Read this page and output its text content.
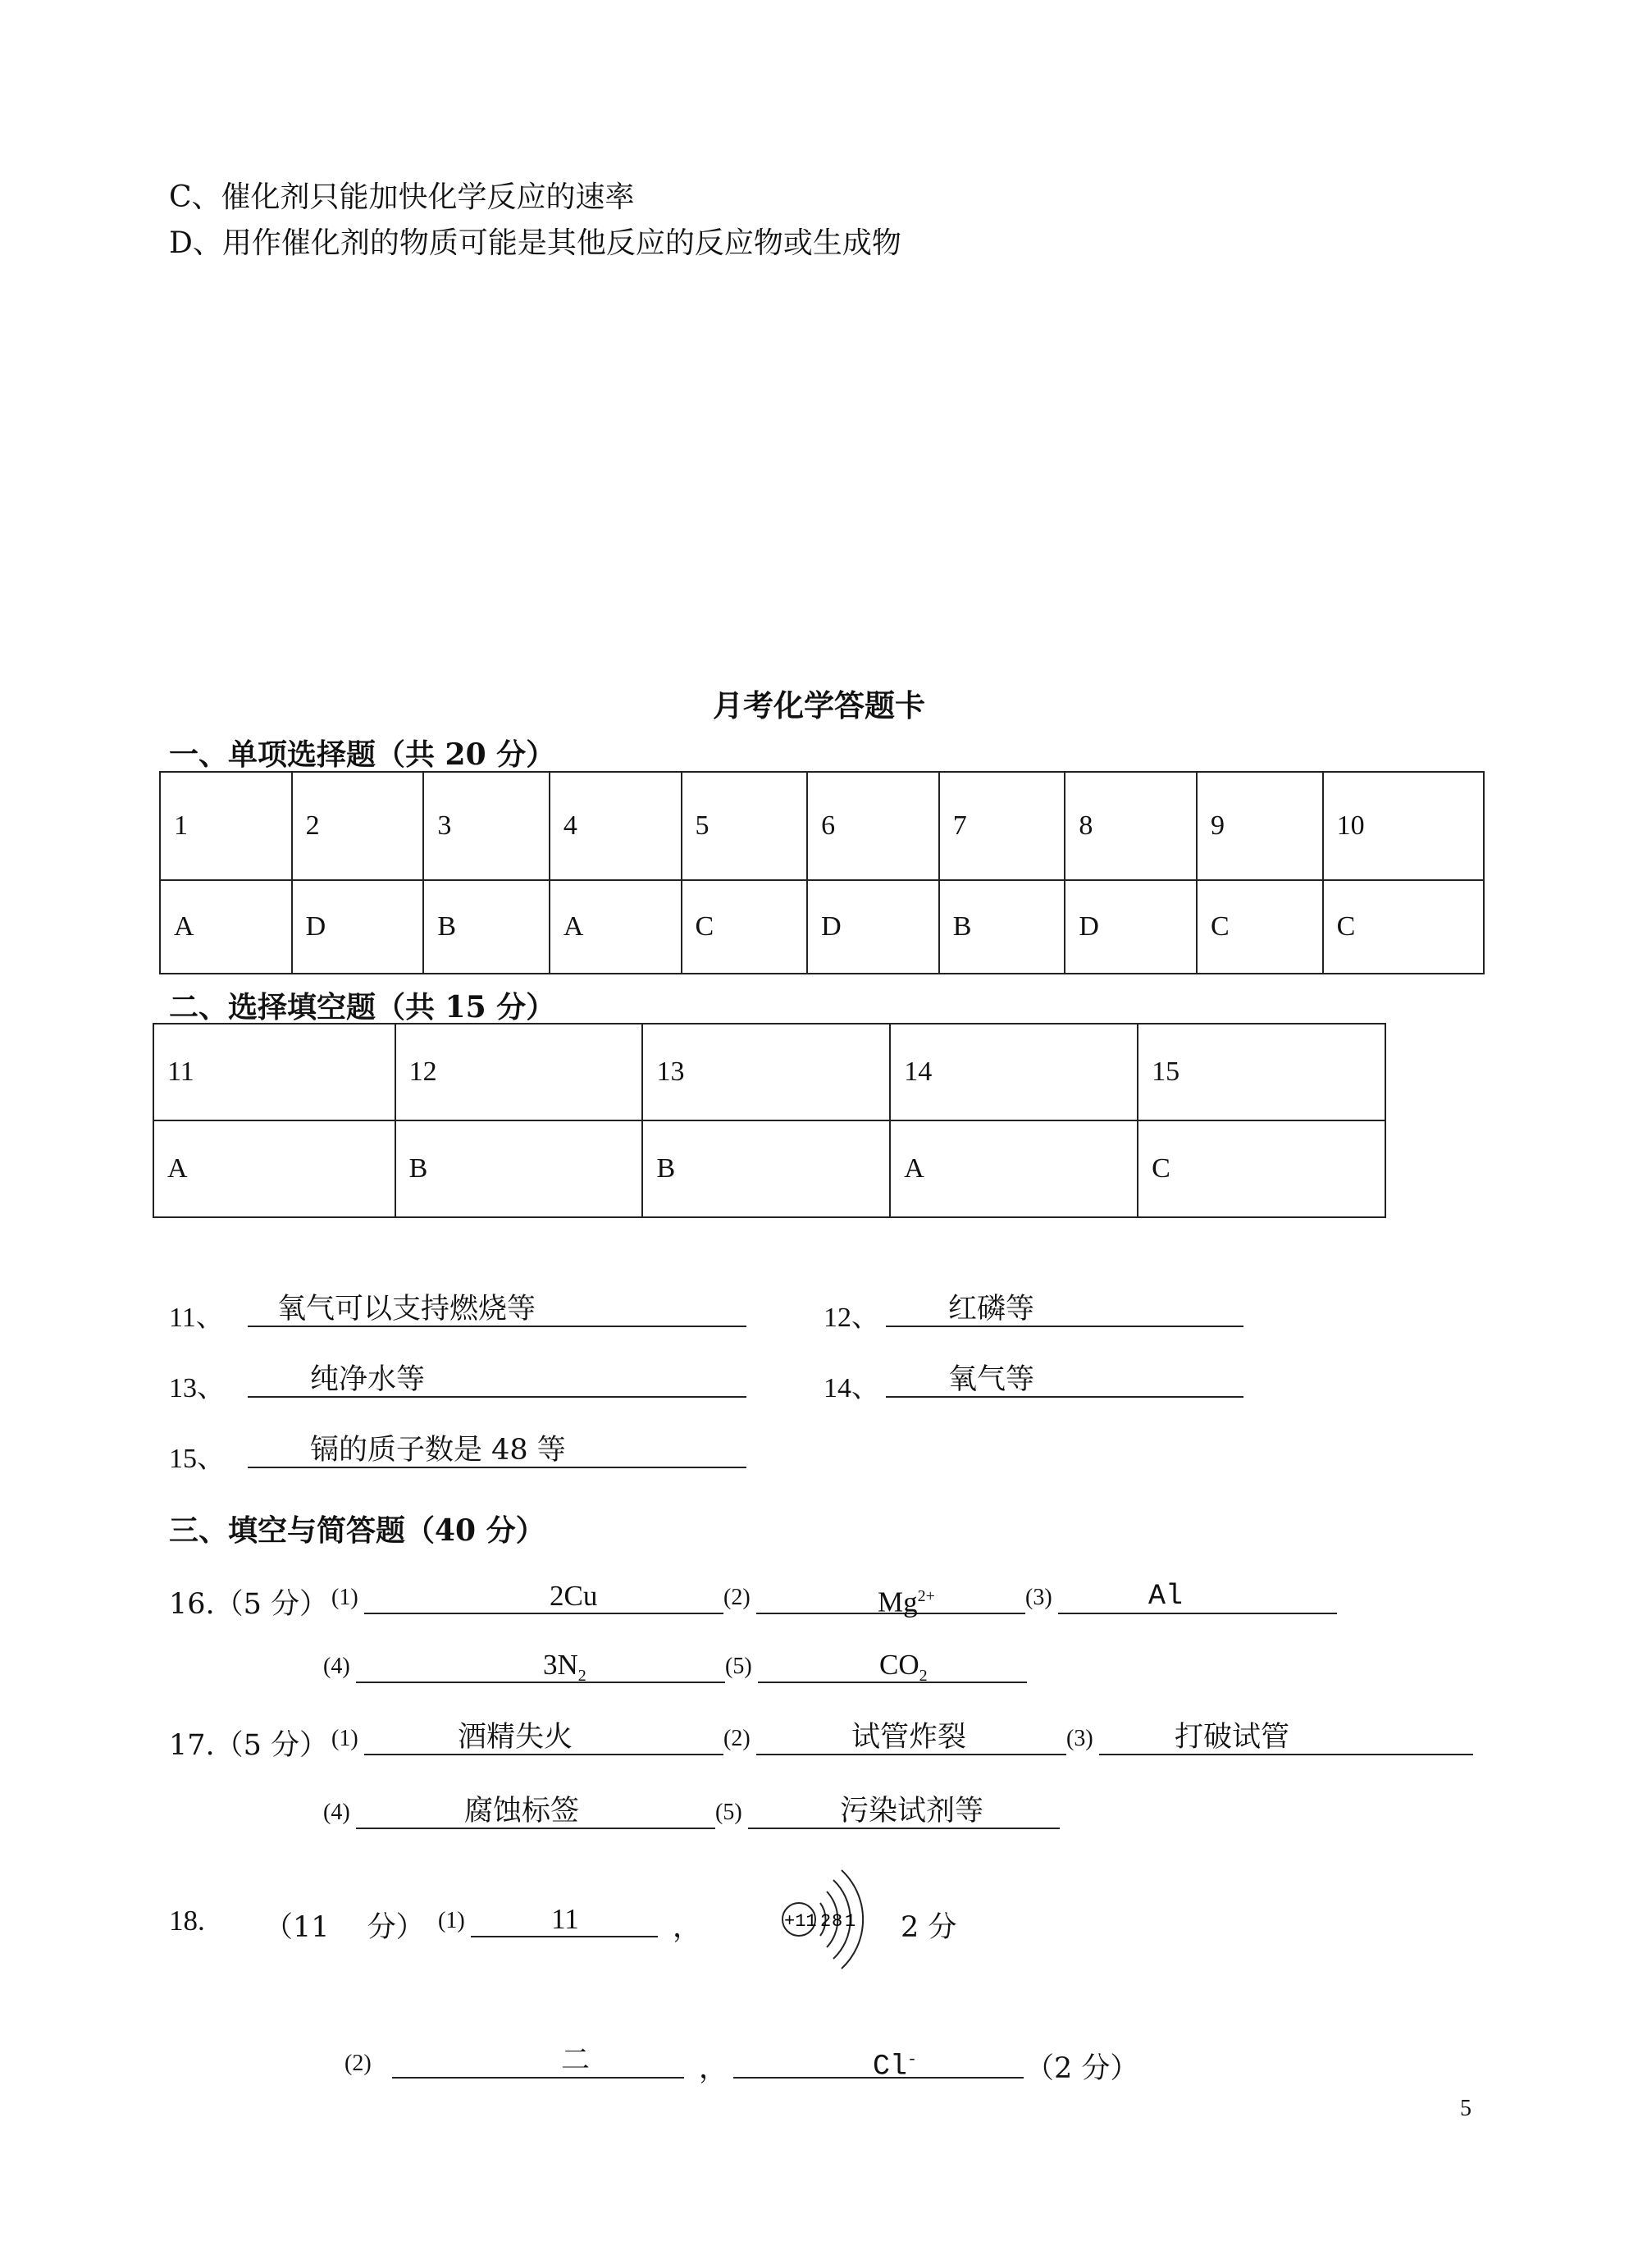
C、催化剂只能加快化学反应的速率
D、用作催化剂的物质可能是其他反应的反应物或生成物
月考化学答题卡
一、单项选择题（共 20 分）
1	2	3	4	5	6	7	8	9	10
A	D	B	A	C	D	B	D	C	C
二、选择填空题（共 15 分）
11	12	13	14	15
A	B	B	A	C
11、	氧气可以支持燃烧等	12、	红磷等
13、	纯净水等	14、	氧气等
15、	镉的质子数是 48 等
三、填空与简答题（40 分）
16.（5 分） (1)	2Cu	(2)	$Mg^{2+}$	(3)	Al
(4)	$3N_2$	(5)	$CO_2$
17.（5 分） (1)	酒精失火	(2)	试管炸裂	(3)	打破试管
(4)	腐蚀标签	(5)	污染试剂等
18. （11　 分） (1)	11	，	+11 2 8 1 2 分
(2)	二	，	Cl-	（2 分）
5
